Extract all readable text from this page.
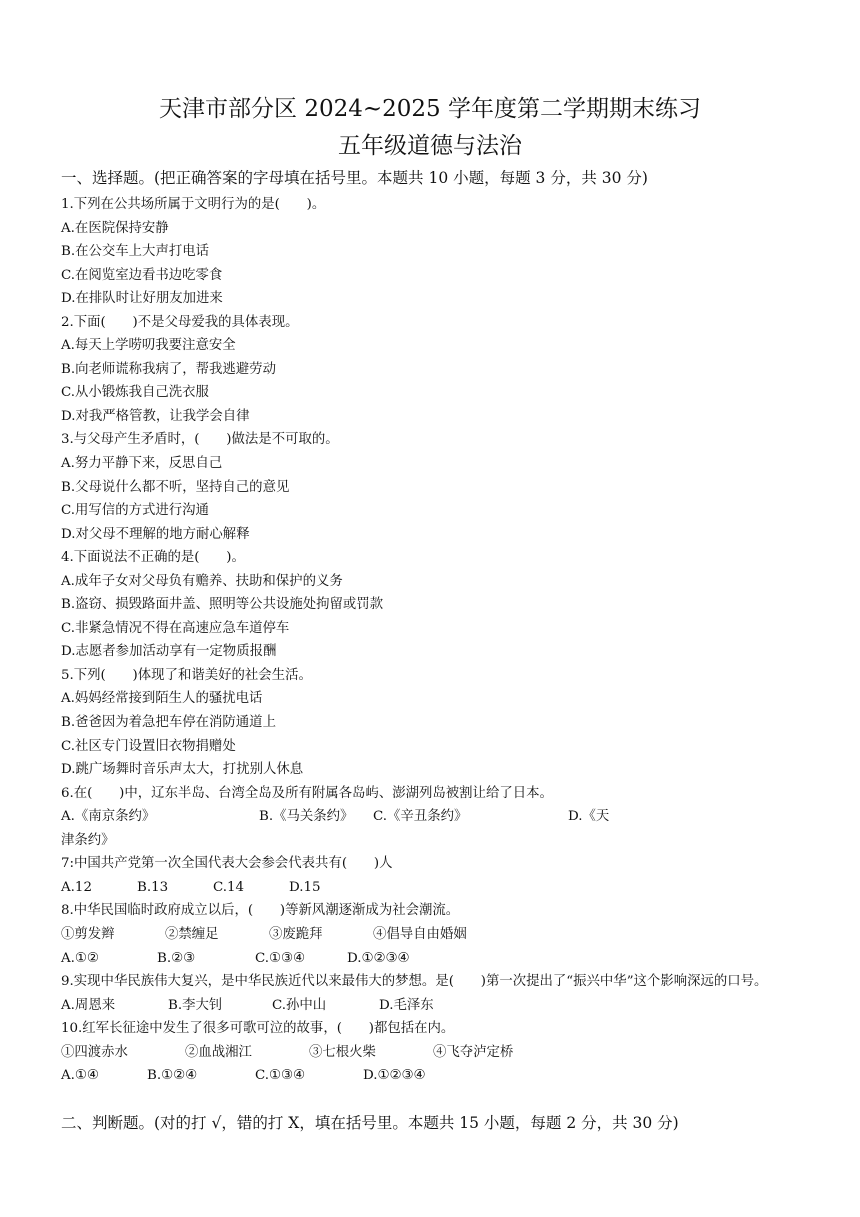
天津市部分区 2024~2025 学年度第二学期期末练习
五年级道德与法治
一、选择题。(把正确答案的字母填在括号里。本题共 10 小题，每题 3 分，共 30 分)
1.下列在公共场所属于文明行为的是(　　)。
A.在医院保持安静
B.在公交车上大声打电话
C.在阅览室边看书边吃零食
D.在排队时让好朋友加进来
2.下面(　　)不是父母爱我的具体表现。
A.每天上学唠叨我要注意安全
B.向老师谎称我病了，帮我逃避劳动
C.从小锻炼我自己洗衣服
D.对我严格管教，让我学会自律
3.与父母产生矛盾时，(　　)做法是不可取的。
A.努力平静下来，反思自己
B.父母说什么都不听，坚持自己的意见
C.用写信的方式进行沟通
D.对父母不理解的地方耐心解释
4.下面说法不正确的是(　　)。
A.成年子女对父母负有赡养、扶助和保护的义务
B.盗窃、损毁路面井盖、照明等公共设施处拘留或罚款
C.非紧急情况不得在高速应急车道停车
D.志愿者参加活动享有一定物质报酬
5.下列(　　)体现了和谐美好的社会生活。
A.妈妈经常接到陌生人的骚扰电话
B.爸爸因为着急把车停在消防通道上
C.社区专门设置旧衣物捐赠处
D.跳广场舞时音乐声太大，打扰别人休息
6.在(　　)中，辽东半岛、台湾全岛及所有附属各岛屿、澎湖列岛被割让给了日本。
A.《南京条约》	B.《马关条约》	C.《辛丑条约》	D.《天
津条约》
7:中国共产党第一次全国代表大会参会代表共有(　　)人
A.12	B.13	C.14	D.15
8.中华民国临时政府成立以后，(　　)等新风潮逐渐成为社会潮流。
①剪发辫	②禁缠足	③废跪拜	④倡导自由婚姻
A.①②	B.②③	C.①③④	D.①②③④
9.实现中华民族伟大复兴，是中华民族近代以来最伟大的梦想。是(　　)第一次提出了“振兴中华”这个影响深远的口号。
A.周恩来	B.李大钊	C.孙中山	D.毛泽东
10.红军长征途中发生了很多可歌可泣的故事，(　　)都包括在内。
①四渡赤水	②血战湘江	③七根火柴	④飞夺泸定桥
A.①④	B.①②④	C.①③④	D.①②③④
二、判断题。(对的打 √，错的打 X，填在括号里。本题共 15 小题，每题 2 分，共 30 分)
